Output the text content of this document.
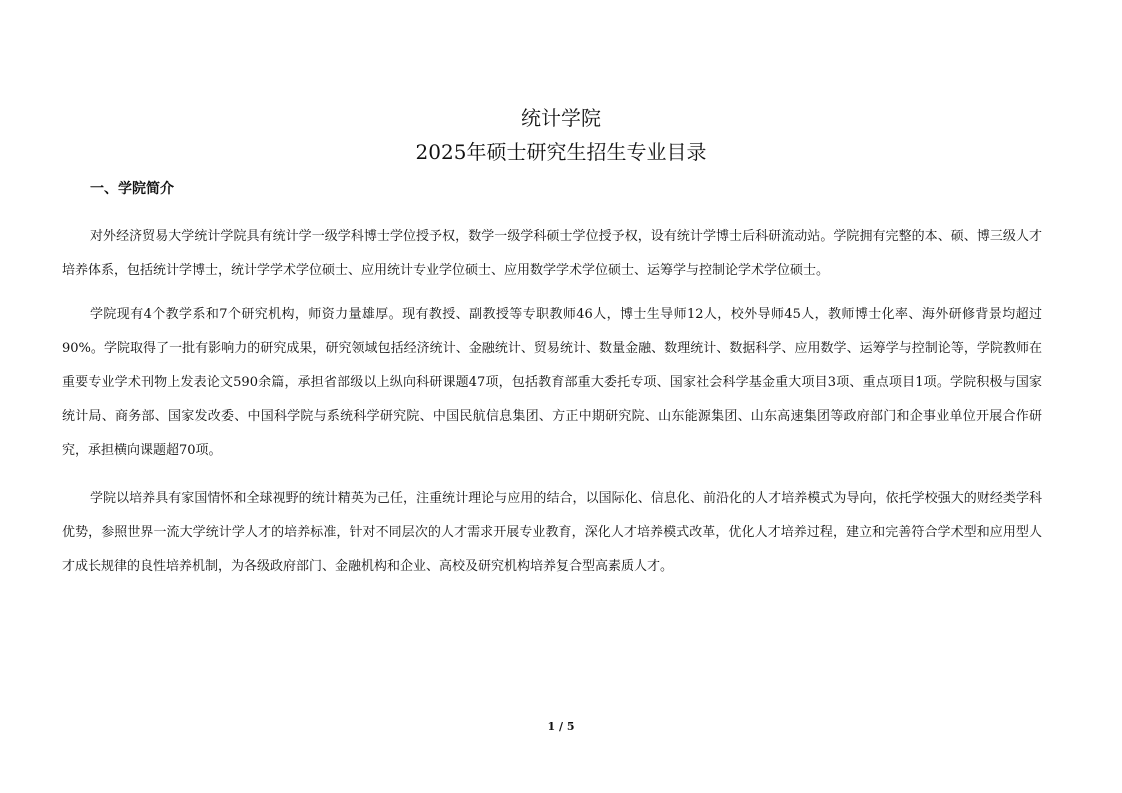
统计学院
2025年硕士研究生招生专业目录
一、学院简介

对外经济贸易大学统计学院具有统计学一级学科博士学位授予权，数学一级学科硕士学位授予权，设有统计学博士后科研流动站。学院拥有完整的本、硕、博三级人才培养体系，包括统计学博士，统计学学术学位硕士、应用统计专业学位硕士、应用数学学术学位硕士、运筹学与控制论学术学位硕士。

学院现有4个教学系和7个研究机构，师资力量雄厚。现有教授、副教授等专职教师46人，博士生导师12人，校外导师45人，教师博士化率、海外研修背景均超过90%。学院取得了一批有影响力的研究成果，研究领域包括经济统计、金融统计、贸易统计、数量金融、数理统计、数据科学、应用数学、运筹学与控制论等，学院教师在重要专业学术刊物上发表论文590余篇，承担省部级以上纵向科研课题47项，包括教育部重大委托专项、国家社会科学基金重大项目3项、重点项目1项。学院积极与国家统计局、商务部、国家发改委、中国科学院与系统科学研究院、中国民航信息集团、方正中期研究院、山东能源集团、山东高速集团等政府部门和企事业单位开展合作研究，承担横向课题超70项。

学院以培养具有家国情怀和全球视野的统计精英为己任，注重统计理论与应用的结合，以国际化、信息化、前沿化的人才培养模式为导向，依托学校强大的财经类学科优势，参照世界一流大学统计学人才的培养标准，针对不同层次的人才需求开展专业教育，深化人才培养模式改革，优化人才培养过程，建立和完善符合学术型和应用型人才成长规律的良性培养机制，为各级政府部门、金融机构和企业、高校及研究机构培养复合型高素质人才。

1 / 5
